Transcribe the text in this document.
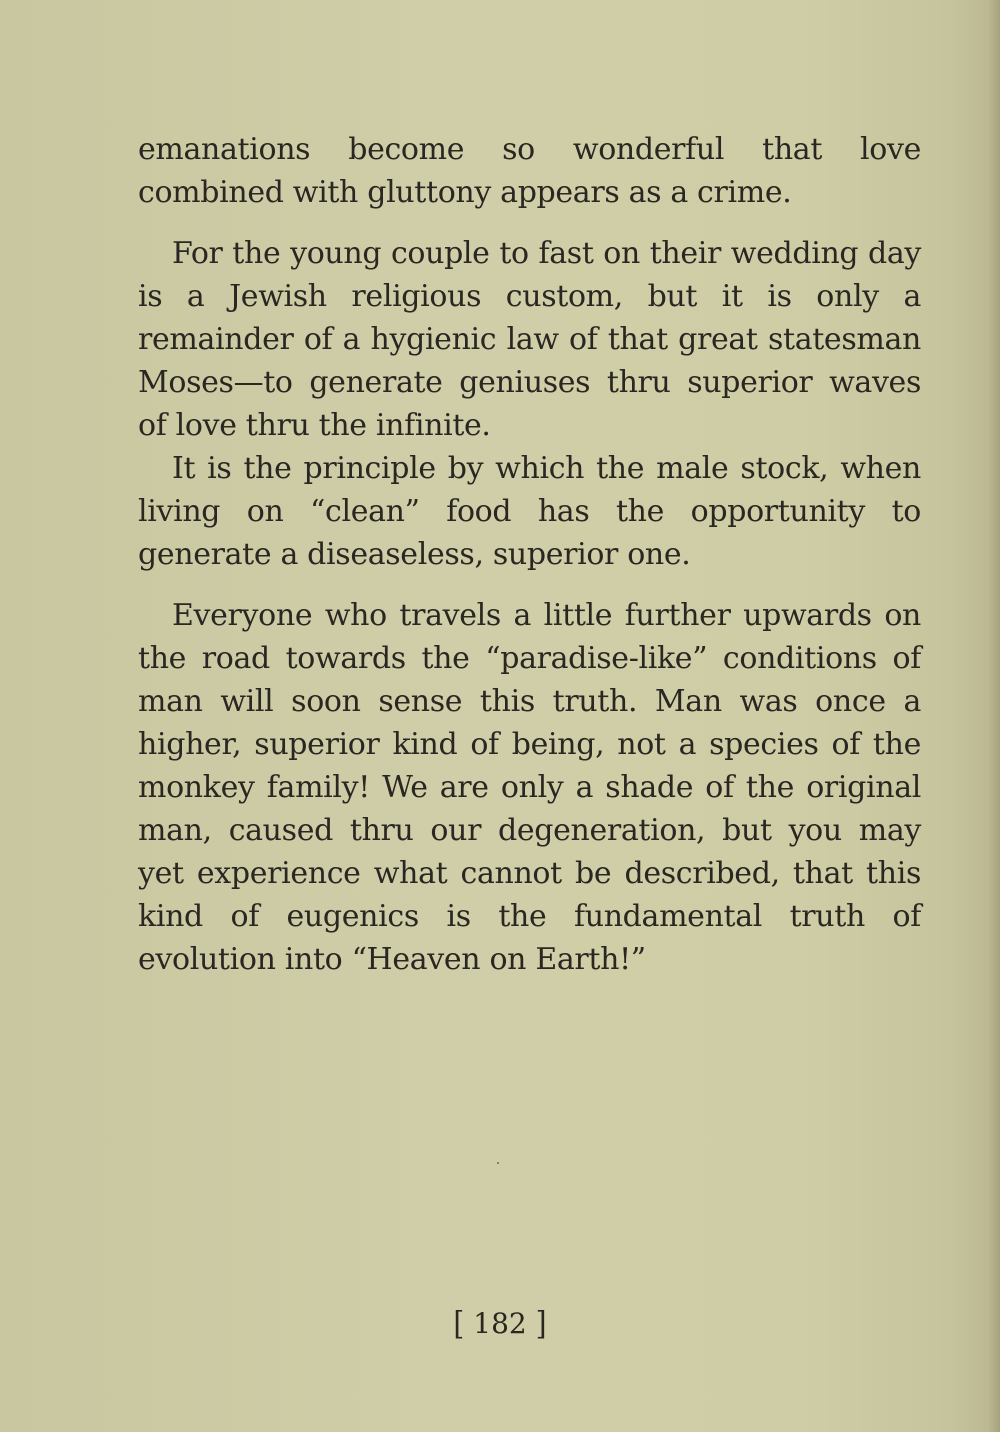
emanations become so wonderful that love combined with gluttony appears as a crime.

For the young couple to fast on their wedding day is a Jewish religious custom, but it is only a remainder of a hygienic law of that great statesman Moses—to generate geniuses thru superior waves of love thru the infinite.

It is the principle by which the male stock, when living on “clean” food has the opportunity to generate a diseaseless, superior one.

Everyone who travels a little further upwards on the road towards the “paradise-like” conditions of man will soon sense this truth. Man was once a higher, superior kind of being, not a species of the monkey family! We are only a shade of the original man, caused thru our degeneration, but you may yet experience what cannot be described, that this kind of eugenics is the fundamental truth of evolution into “Heaven on Earth!”

[ 182 ]
